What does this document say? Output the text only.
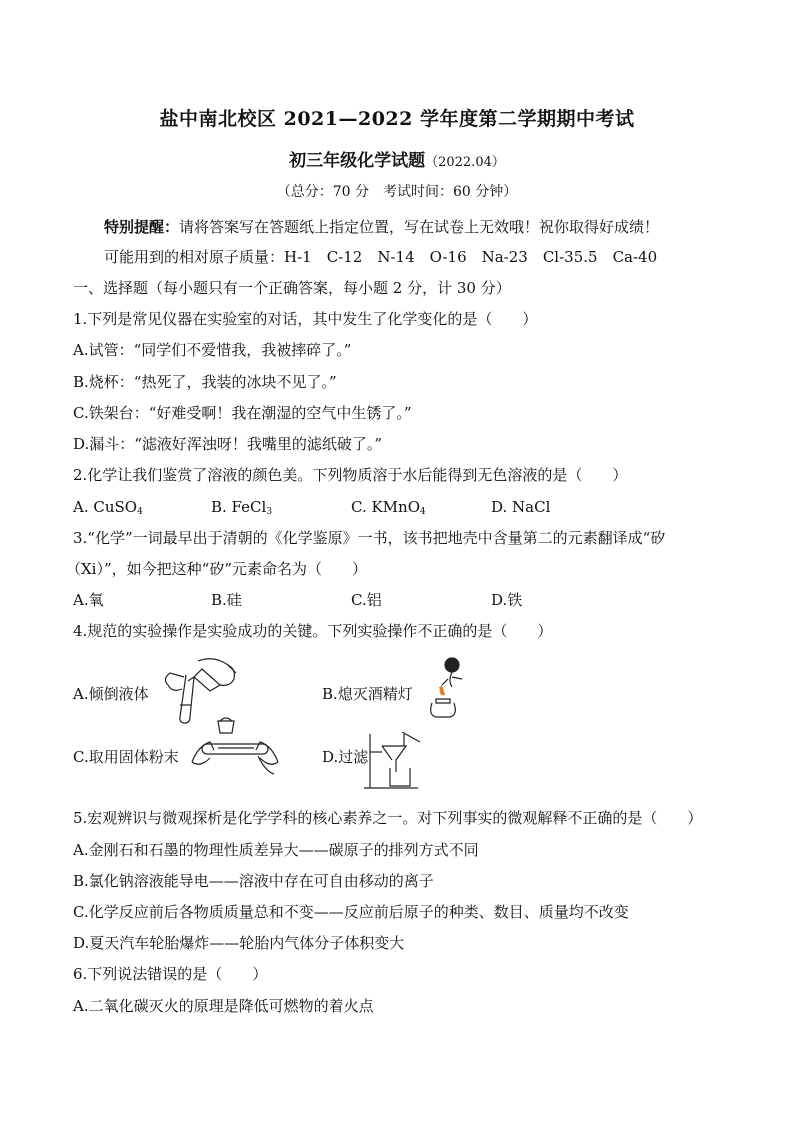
盐中南北校区 2021—2022 学年度第二学期期中考试
初三年级化学试题（2022.04）
（总分：70 分　考试时间：60 分钟）
特别提醒：请将答案写在答题纸上指定位置，写在试卷上无效哦！祝你取得好成绩！
可能用到的相对原子质量：H-1　C-12　N-14　O-16　Na-23　Cl-35.5　Ca-40
一、选择题（每小题只有一个正确答案，每小题 2 分，计 30 分）
1.下列是常见仪器在实验室的对话，其中发生了化学变化的是（　　）
A.试管：“同学们不爱惜我，我被摔碎了。”
B.烧杯：“热死了，我装的冰块不见了。”
C.铁架台：“好难受啊！我在潮湿的空气中生锈了。”
D.漏斗：“滤液好浑浊呀！我嘴里的滤纸破了。”
2.化学让我们鉴赏了溶液的颜色美。下列物质溶于水后能得到无色溶液的是（　　）
A. CuSO$_4$	B. FeCl$_3$	C. KMnO$_4$	D. NaCl
3.“化学”一词最早出于清朝的《化学鉴原》一书，该书把地壳中含量第二的元素翻译成“矽
（Xi）”，如今把这种“矽”元素命名为（　　）
A.氧	B.硅	C.铝	D.铁
4.规范的实验操作是实验成功的关键。下列实验操作不正确的是（　　）
A.倾倒液体	B.熄灭酒精灯
C.取用固体粉末	D.过滤
5.宏观辨识与微观探析是化学学科的核心素养之一。对下列事实的微观解释不正确的是（　　）
A.金刚石和石墨的物理性质差异大——碳原子的排列方式不同
B.氯化钠溶液能导电——溶液中存在可自由移动的离子
C.化学反应前后各物质质量总和不变——反应前后原子的种类、数目、质量均不改变
D.夏天汽车轮胎爆炸——轮胎内气体分子体积变大
6.下列说法错误的是（　　）
A.二氧化碳灭火的原理是降低可燃物的着火点
